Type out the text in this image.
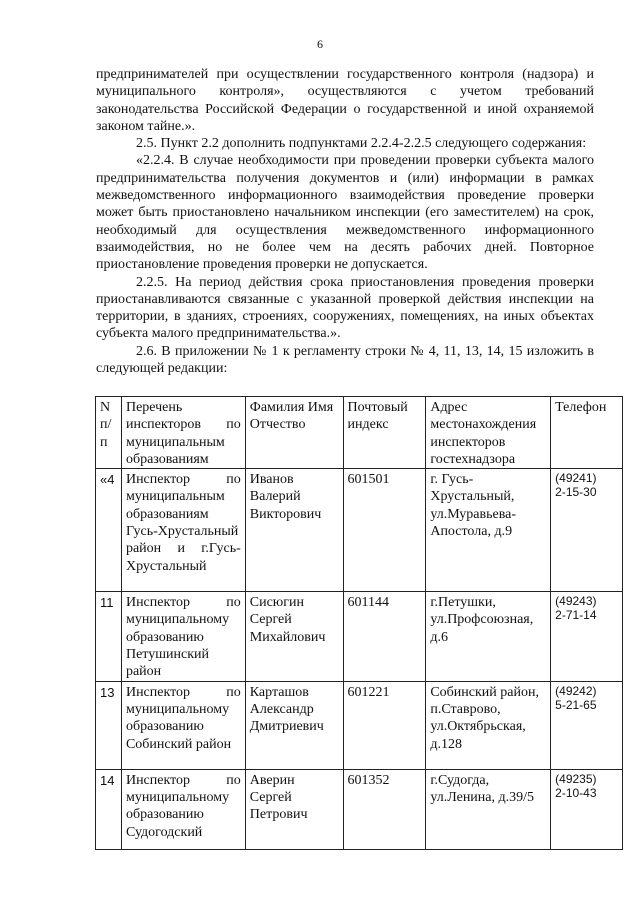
6

предпринимателей при осуществлении государственного контроля (надзора) и муниципального контроля», осуществляются с учетом требований законодательства Российской Федерации о государственной и иной охраняемой законом тайне.».

2.5. Пункт 2.2 дополнить подпунктами 2.2.4-2.2.5 следующего содержания:

«2.2.4. В случае необходимости при проведении проверки субъекта малого предпринимательства получения документов и (или) информации в рамках межведомственного информационного взаимодействия проведение проверки может быть приостановлено начальником инспекции (его заместителем) на срок, необходимый для осуществления межведомственного информационного взаимодействия, но не более чем на десять рабочих дней. Повторное приостановление проведения проверки не допускается.

2.2.5. На период действия срока приостановления проведения проверки приостанавливаются связанные с указанной проверкой действия инспекции на территории, в зданиях, строениях, сооружениях, помещениях, на иных объектах субъекта малого предпринимательства.».

2.6. В приложении № 1 к регламенту строки № 4, 11, 13, 14, 15 изложить в следующей редакции:

N п/ п	Перечень инспекторов по муниципальным образованиям	Фамилия Имя Отчество	Почтовый индекс	Адрес местонахождения инспекторов гостехнадзора	Телефон
«4	Инспектор по муниципальным образованиям Гусь-Хрустальный район и г.Гусь-Хрустальный	Иванов Валерий Викторович	601501	г. Гусь-Хрустальный, ул.Муравьева-Апостола, д.9	(49241)
2-15-30

11	Инспектор по муниципальному образованию Петушинский район	Сисюгин Сергей Михайлович	601144	г.Петушки, ул.Профсоюзная, д.6	(49243)
2-71-14

13	Инспектор по муниципальному образованию Собинский район	Карташов Александр Дмитриевич	601221	Собинский район, п.Ставрово, ул.Октябрьская, д.128	(49242)
5-21-65

14	Инспектор по муниципальному образованию Судогодский	Аверин Сергей Петрович	601352	г.Судогда, ул.Ленина, д.39/5	(49235)
2-10-43
